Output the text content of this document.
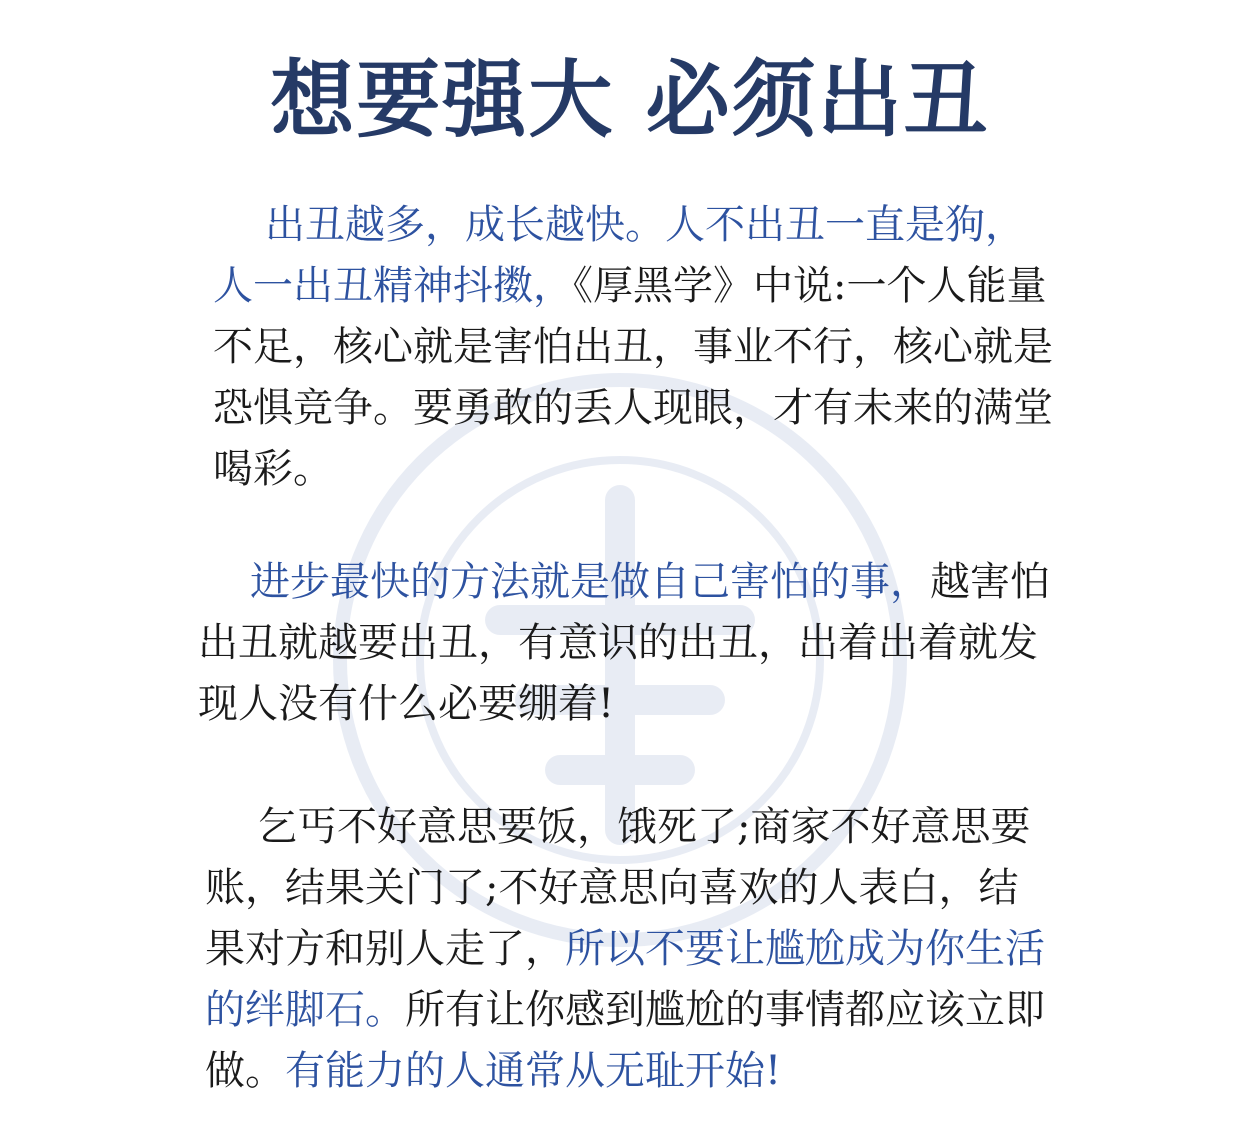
想要强大 必须出丑

出丑越多，成长越快。人不出丑一直是狗，人一出丑精神抖擞，《厚黑学》中说:一个人能量不足，核心就是害怕出丑，事业不行，核心就是恐惧竞争。要勇敢的丢人现眼，才有未来的满堂喝彩。

进步最快的方法就是做自己害怕的事，越害怕出丑就越要出丑，有意识的出丑，出着出着就发现人没有什么必要绷着!

乞丐不好意思要饭，饿死了;商家不好意思要账，结果关门了;不好意思向喜欢的人表白，结果对方和别人走了，所以不要让尴尬成为你生活的绊脚石。所有让你感到尴尬的事情都应该立即做。有能力的人通常从无耻开始!
